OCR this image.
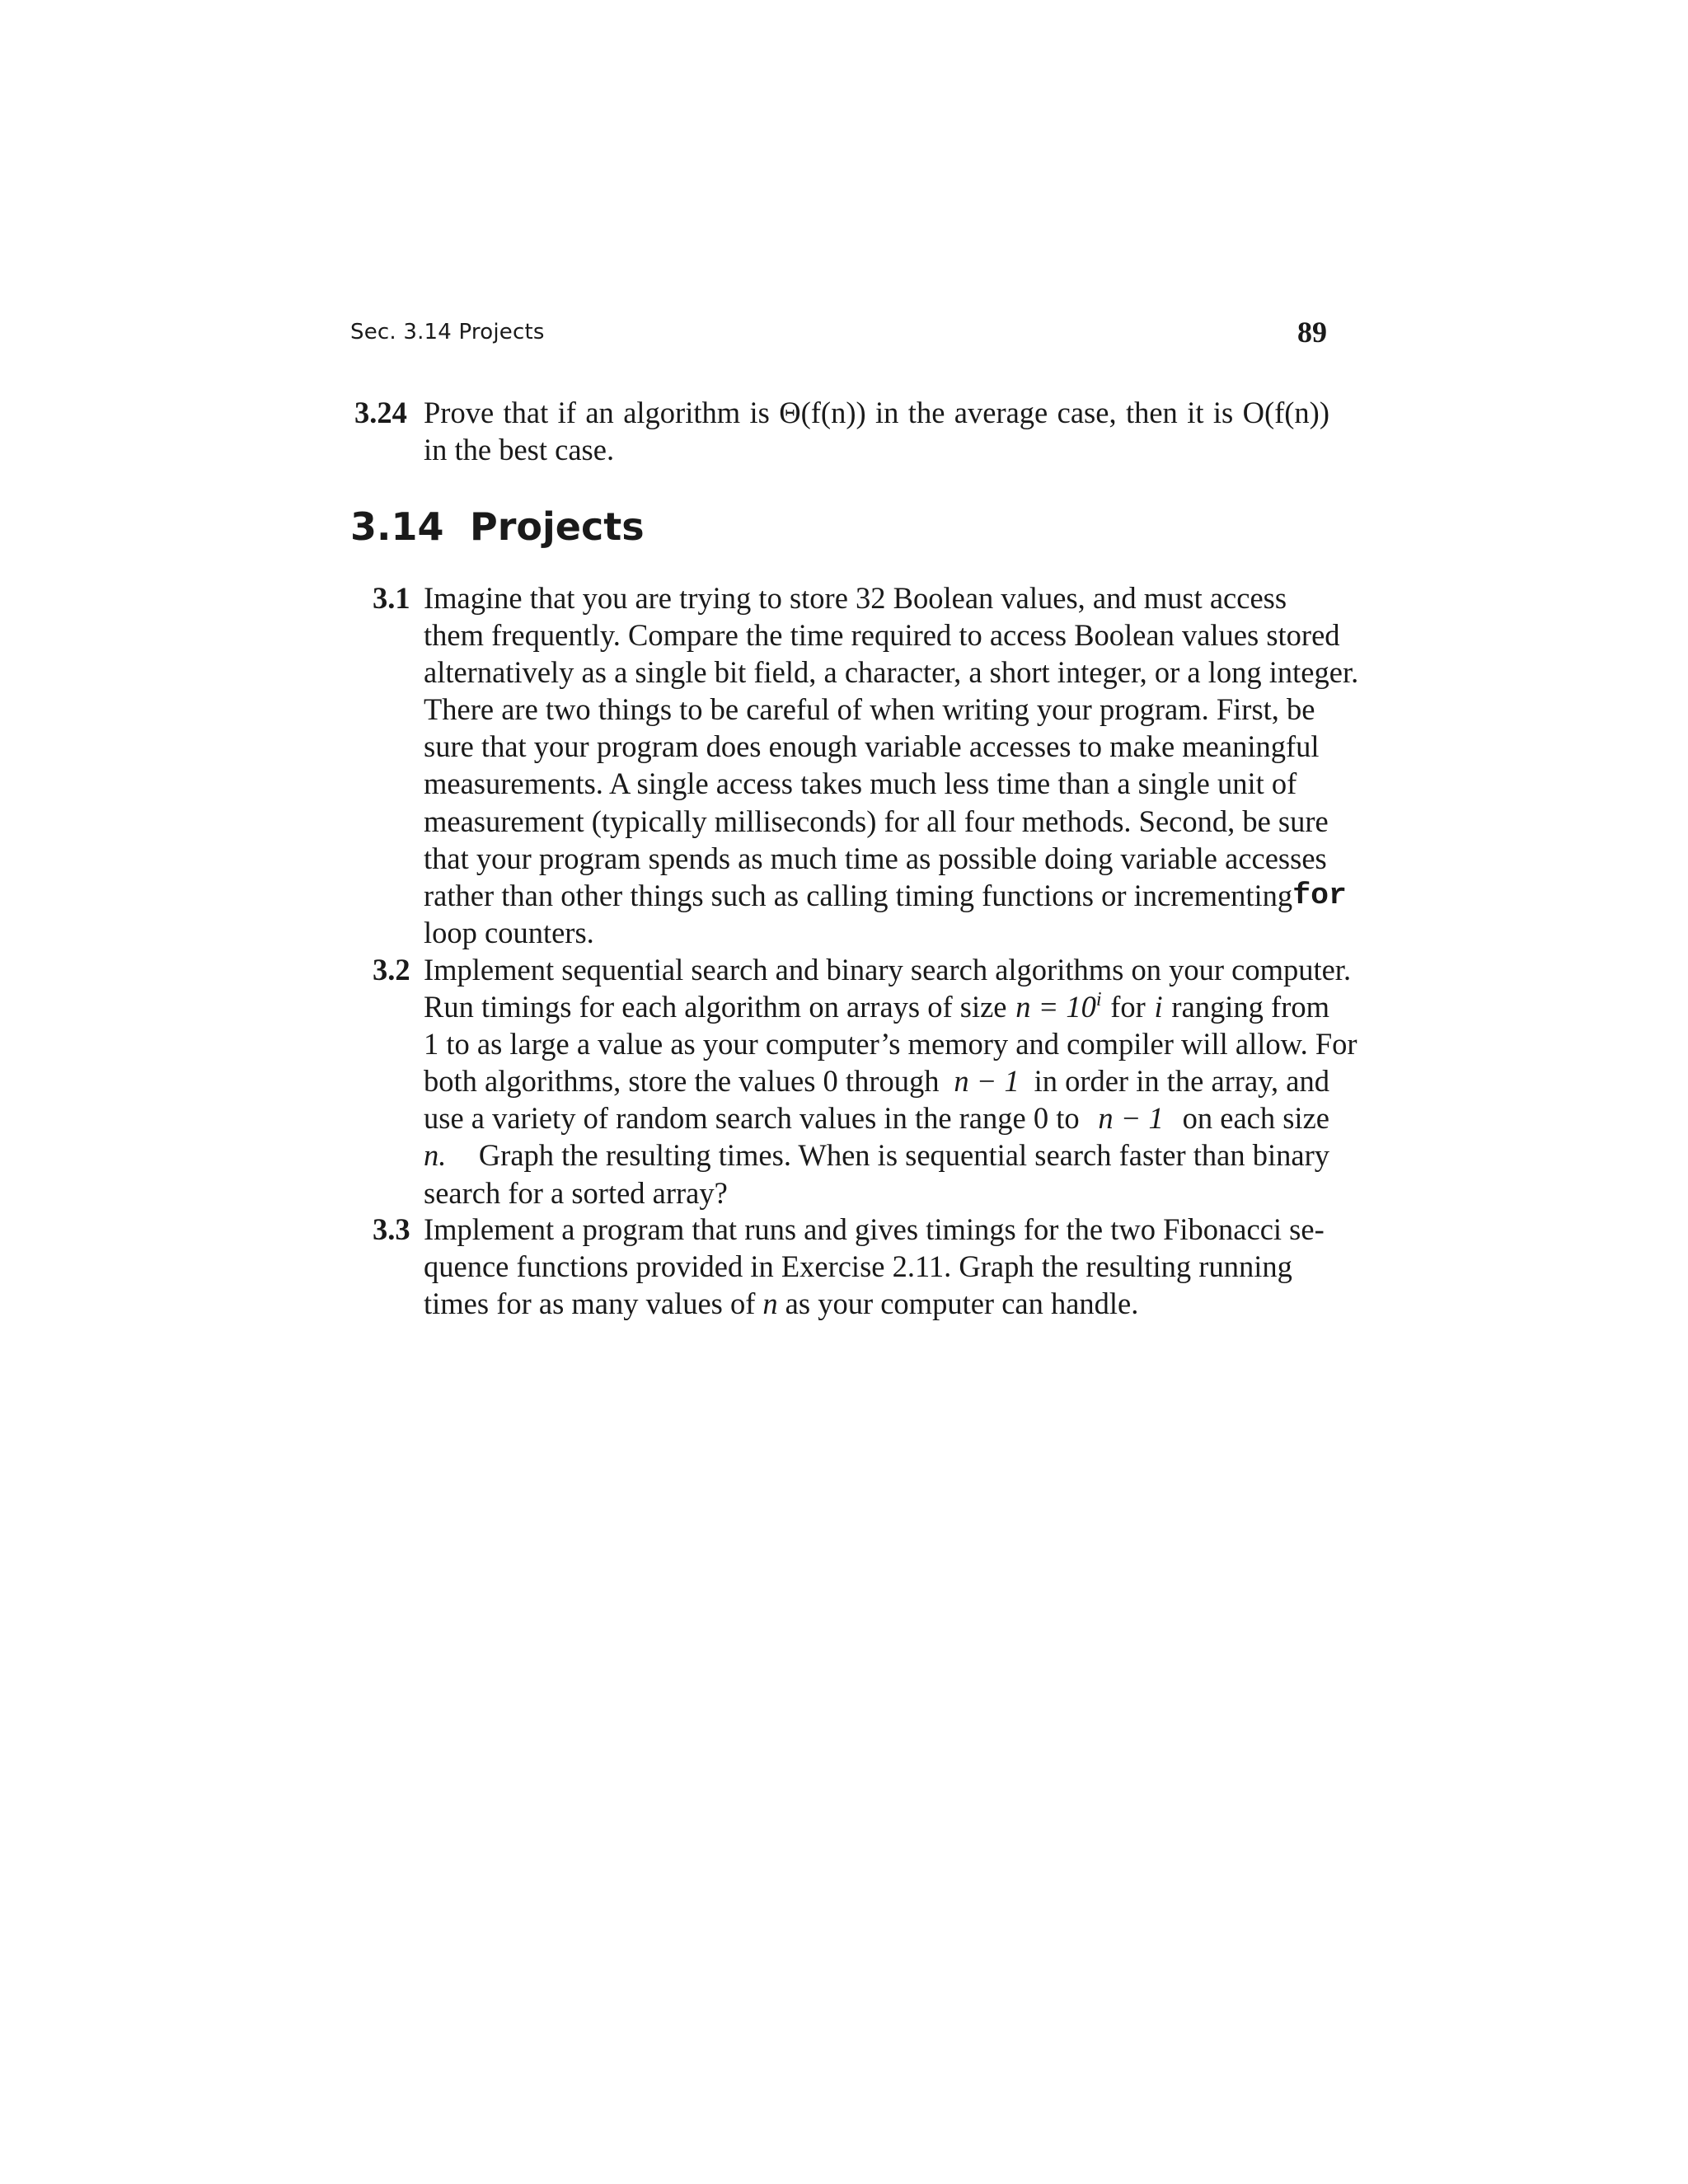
Sec. 3.14 Projects	89
3.24 Prove that if an algorithm is Θ(f(n)) in the average case, then it is O(f(n))
in the best case.
3.14 Projects
3.1 Imagine that you are trying to store 32 Boolean values, and must access
them frequently. Compare the time required to access Boolean values stored
alternatively as a single bit field, a character, a short integer, or a long integer.
There are two things to be careful of when writing your program. First, be
sure that your program does enough variable accesses to make meaningful
measurements. A single access takes much less time than a single unit of
measurement (typically milliseconds) for all four methods. Second, be sure
that your program spends as much time as possible doing variable accesses
rather than other things such as calling timing functions or incrementing for
loop counters.
3.2 Implement sequential search and binary search algorithms on your computer.
Run timings for each algorithm on arrays of size $n = 10^i$ for i ranging from
1 to as large a value as your computer’s memory and compiler will allow. For
both algorithms, store the values 0 through n − 1 in order in the array, and
use a variety of random search values in the range 0 to n − 1 on each size
n. Graph the resulting times. When is sequential search faster than binary
search for a sorted array?
3.3 Implement a program that runs and gives timings for the two Fibonacci se-
quence functions provided in Exercise 2.11. Graph the resulting running
times for as many values of n as your computer can handle.
